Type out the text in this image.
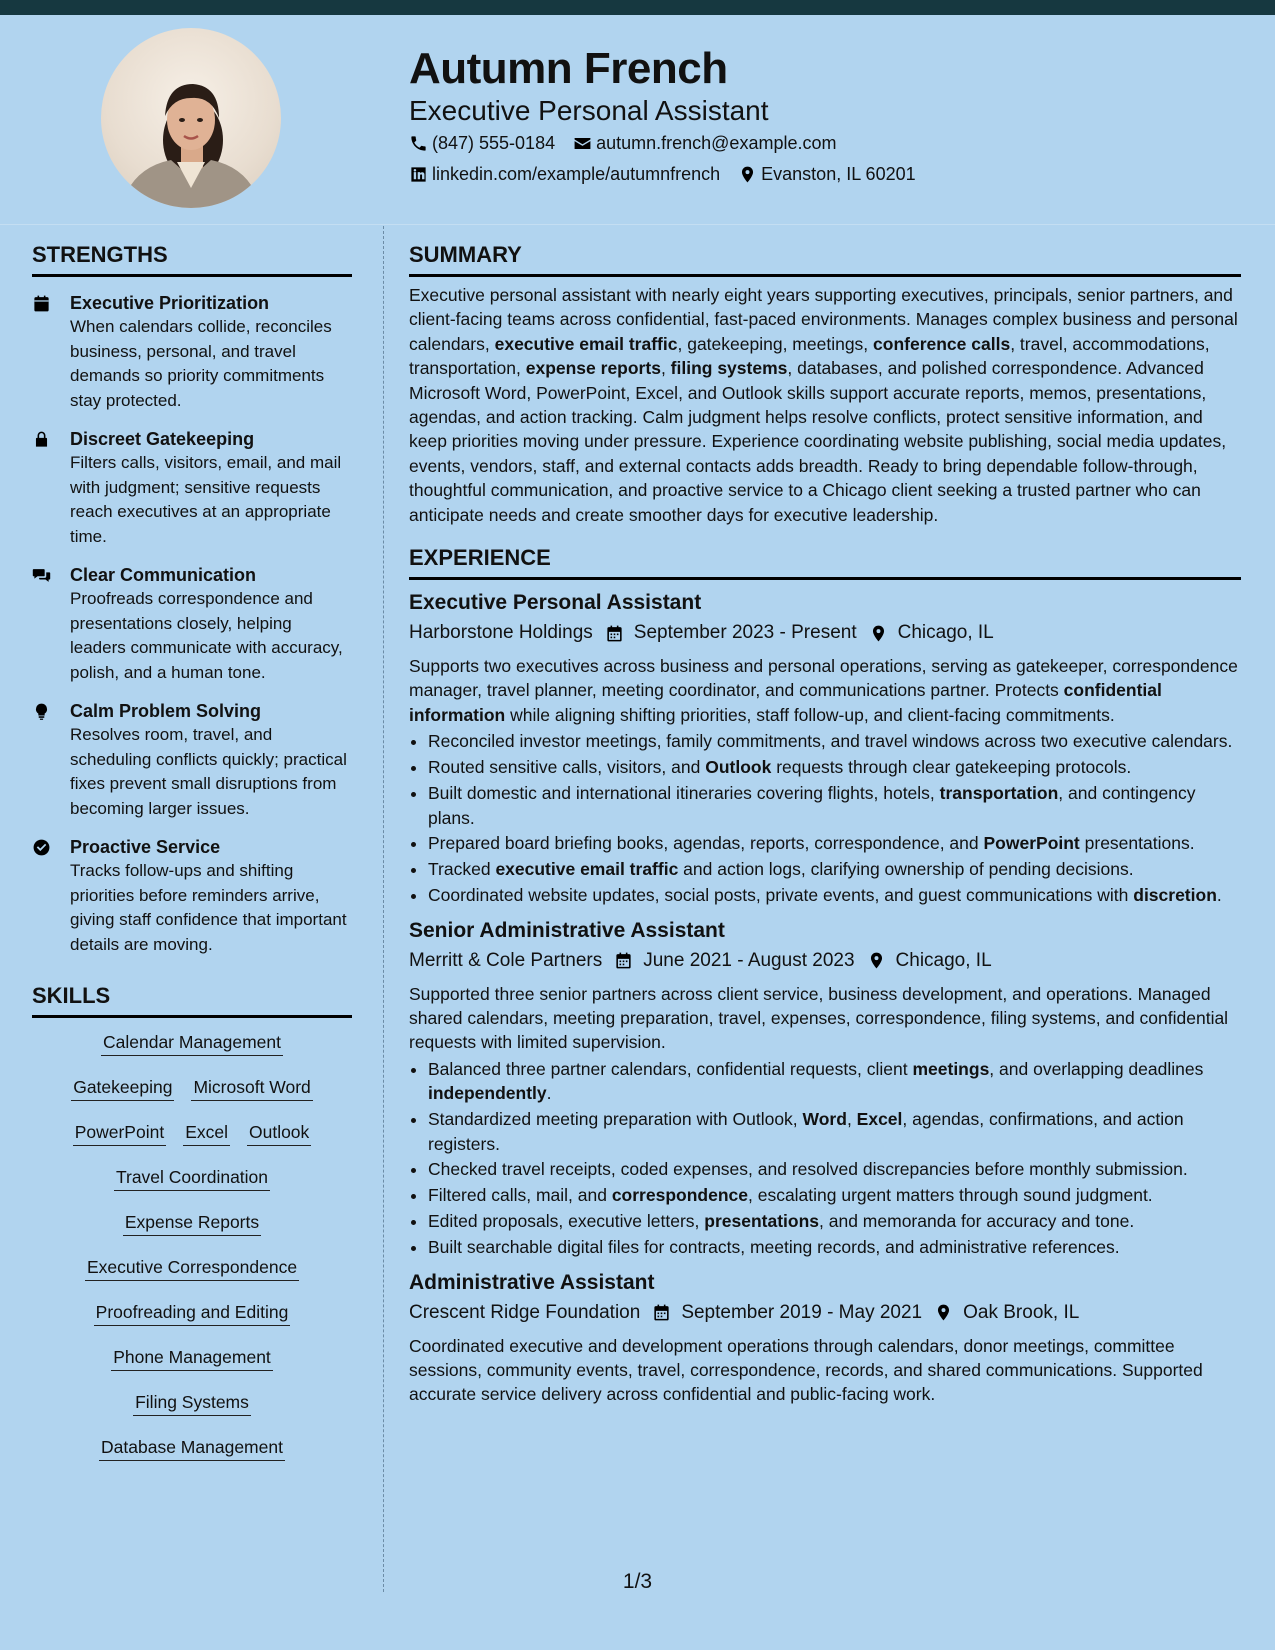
Autumn French
Executive Personal Assistant
(847) 555-0184 autumn.french@example.com
linkedin.com/example/autumnfrench Evanston, IL 60201
STRENGTHS
Executive Prioritization
When calendars collide, reconciles business, personal, and travel demands so priority commitments stay protected.
Discreet Gatekeeping
Filters calls, visitors, email, and mail with judgment; sensitive requests reach executives at an appropriate time.
Clear Communication
Proofreads correspondence and presentations closely, helping leaders communicate with accuracy, polish, and a human tone.
Calm Problem Solving
Resolves room, travel, and scheduling conflicts quickly; practical fixes prevent small disruptions from becoming larger issues.
Proactive Service
Tracks follow-ups and shifting priorities before reminders arrive, giving staff confidence that important details are moving.
SKILLS
Calendar Management
Gatekeeping Microsoft Word
PowerPoint Excel Outlook
Travel Coordination
Expense Reports
Executive Correspondence
Proofreading and Editing
Phone Management
Filing Systems
Database Management
SUMMARY

Executive personal assistant with nearly eight years supporting executives, principals, senior partners, and client-facing teams across confidential, fast-paced environments. Manages complex business and personal calendars, executive email traffic, gatekeeping, meetings, conference calls, travel, accommodations, transportation, expense reports, filing systems, databases, and polished correspondence. Advanced Microsoft Word, PowerPoint, Excel, and Outlook skills support accurate reports, memos, presentations, agendas, and action tracking. Calm judgment helps resolve conflicts, protect sensitive information, and keep priorities moving under pressure. Experience coordinating website publishing, social media updates, events, vendors, staff, and external contacts adds breadth. Ready to bring dependable follow-through, thoughtful communication, and proactive service to a Chicago client seeking a trusted partner who can anticipate needs and create smoother days for executive leadership.

EXPERIENCE
Executive Personal Assistant
Harborstone Holdings September 2023 - Present Chicago, IL
Supports two executives across business and personal operations, serving as gatekeeper, correspondence manager, travel planner, meeting coordinator, and communications partner. Protects confidential information while aligning shifting priorities, staff follow-up, and client-facing commitments.
• Reconciled investor meetings, family commitments, and travel windows across two executive calendars.
• Routed sensitive calls, visitors, and Outlook requests through clear gatekeeping protocols.
• Built domestic and international itineraries covering flights, hotels, transportation, and contingency plans.
• Prepared board briefing books, agendas, reports, correspondence, and PowerPoint presentations.
• Tracked executive email traffic and action logs, clarifying ownership of pending decisions.
• Coordinated website updates, social posts, private events, and guest communications with discretion.
Senior Administrative Assistant
Merritt & Cole Partners June 2021 - August 2023 Chicago, IL
Supported three senior partners across client service, business development, and operations. Managed shared calendars, meeting preparation, travel, expenses, correspondence, filing systems, and confidential requests with limited supervision.
• Balanced three partner calendars, confidential requests, client meetings, and overlapping deadlines independently.
• Standardized meeting preparation with Outlook, Word, Excel, agendas, confirmations, and action registers.
• Checked travel receipts, coded expenses, and resolved discrepancies before monthly submission.
• Filtered calls, mail, and correspondence, escalating urgent matters through sound judgment.
• Edited proposals, executive letters, presentations, and memoranda for accuracy and tone.
• Built searchable digital files for contracts, meeting records, and administrative references.
Administrative Assistant
Crescent Ridge Foundation September 2019 - May 2021 Oak Brook, IL
Coordinated executive and development operations through calendars, donor meetings, committee sessions, community events, travel, correspondence, records, and shared communications. Supported accurate service delivery across confidential and public-facing work.
1/3
